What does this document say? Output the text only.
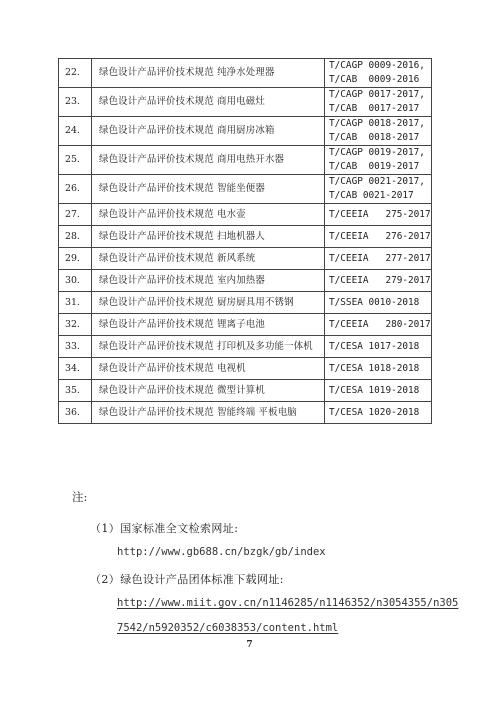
22.	绿色设计产品评价技术规范 纯净水处理器	T/CAGP 0009-2016,
T/CAB  0009-2016

23.	绿色设计产品评价技术规范 商用电磁灶	T/CAGP 0017-2017,
T/CAB  0017-2017

24.	绿色设计产品评价技术规范 商用厨房冰箱	T/CAGP 0018-2017,
T/CAB  0018-2017

25.	绿色设计产品评价技术规范 商用电热开水器	T/CAGP 0019-2017,
T/CAB  0019-2017

26.	绿色设计产品评价技术规范 智能坐便器	T/CAGP 0021-2017,
T/CAB 0021-2017

27.	绿色设计产品评价技术规范 电水壶	T/CEEIA   275-2017

28.	绿色设计产品评价技术规范 扫地机器人	T/CEEIA   276-2017

29.	绿色设计产品评价技术规范 新风系统	T/CEEIA   277-2017

30.	绿色设计产品评价技术规范 室内加热器	T/CEEIA   279-2017

31.	绿色设计产品评价技术规范 厨房厨具用不锈钢	T/SSEA 0010-2018

32.	绿色设计产品评价技术规范 锂离子电池	T/CEEIA   280-2017

33.	绿色设计产品评价技术规范 打印机及多功能一体机	T/CESA 1017-2018

34.	绿色设计产品评价技术规范 电视机	T/CESA 1018-2018

35.	绿色设计产品评价技术规范 微型计算机	T/CESA 1019-2018

36.	绿色设计产品评价技术规范 智能终端 平板电脑	T/CESA 1020-2018
注:
（1）国家标准全文检索网址:
http://www.gb688.cn/bzgk/gb/index
（2）绿色设计产品团体标准下载网址:
http://www.miit.gov.cn/n1146285/n1146352/n3054355/n305
7542/n5920352/c6038353/content.html
7
